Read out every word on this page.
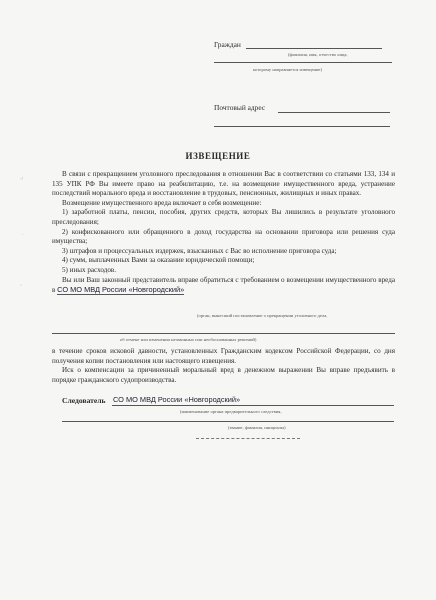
·/
·
ʼ
Граждан
(фамилия, имя, отчество лица,
которому направляется извещение)
Почтовый адрес
ИЗВЕЩЕНИЕ

В связи с прекращением уголовного преследования в отношении Вас в соответствии со статьями 133, 134 и 135 УПК РФ Вы имеете право на реабилитацию, т.е. на возмещение имущественного вреда, устранение последствий морального вреда и восстановление в трудовых, пенсионных, жилищных и иных правах.

Возмещение имущественного вреда включает в себя возмещение:

1) заработной платы, пенсии, пособия, других средств, которых Вы лишились в результате уголовного преследования;

2) конфискованного или обращенного в доход государства на основании приговора или решения суда имущества;

3) штрафов и процессуальных издержек, взысканных с Вас во исполнение приговора суда;

4) сумм, выплаченных Вами за оказание юридической помощи;

5) иных расходов.

Вы или Ваш законный представитель вправе обратиться с требованием о возмещении имущественного вреда в СО МО МВД России «Новгородский»

(орган, вынесший постановление о прекращении уголовного дела,
об отмене или изменении незаконных или необоснованных решений)

в течение сроков исковой давности, установленных Гражданским кодексом Российской Федерации, со дня получения копии постановления или настоящего извещения.

Иск о компенсации за причиненный моральный вред в денежном выражении Вы вправе предъявить в порядке гражданского судопроизводства.

Следователь СО МО МВД России «Новгородский»
(наименование органа предварительного следствия,
(звание, фамилия, инициалы)
